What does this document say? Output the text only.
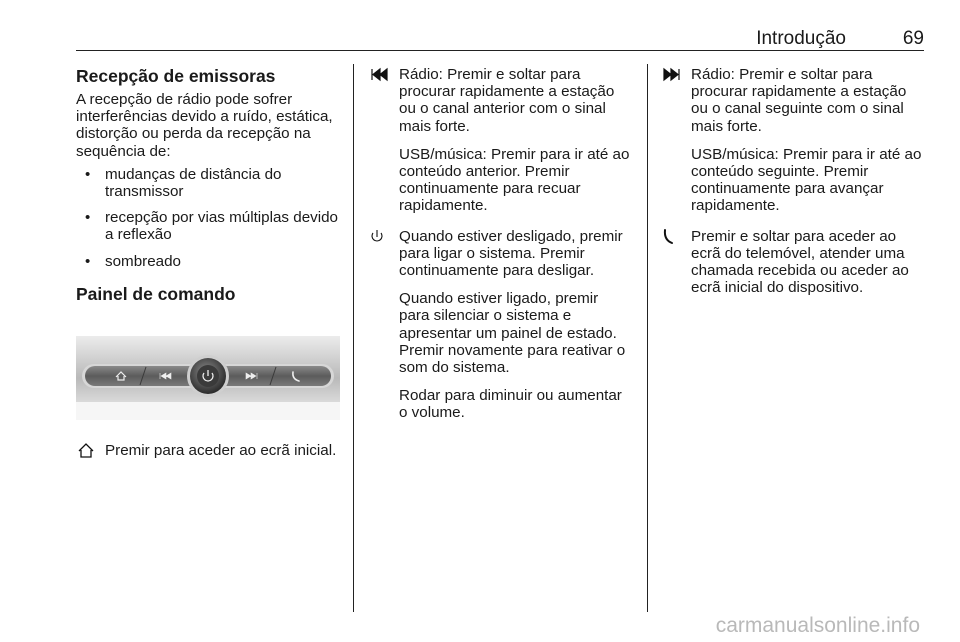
Introdução	69
Recepção de emissoras

A recepção de rádio pode sofrer interferências devido a ruído, estática, distorção ou perda da recepção na sequência de:

• mudanças de distância do transmissor
• recepção por vias múltiplas devido a reflexão
• sombreado
Painel de comando

Premir para aceder ao ecrã inicial.

Rádio: Premir e soltar para procurar rapidamente a estação ou o canal anterior com o sinal mais forte.

USB/música: Premir para ir até ao conteúdo anterior. Premir continuamente para recuar rapidamente.

Quando estiver desligado, premir para ligar o sistema. Premir continuamente para desligar.

Quando estiver ligado, premir para silenciar o sistema e apresentar um painel de estado. Premir novamente para reativar o som do sistema.

Rodar para diminuir ou aumentar o volume.

Rádio: Premir e soltar para procurar rapidamente a estação ou o canal seguinte com o sinal mais forte.

USB/música: Premir para ir até ao conteúdo seguinte. Premir continuamente para avançar rapidamente.

Premir e soltar para aceder ao ecrã do telemóvel, atender uma chamada recebida ou aceder ao ecrã inicial do dispositivo.

carmanualsonline.info
